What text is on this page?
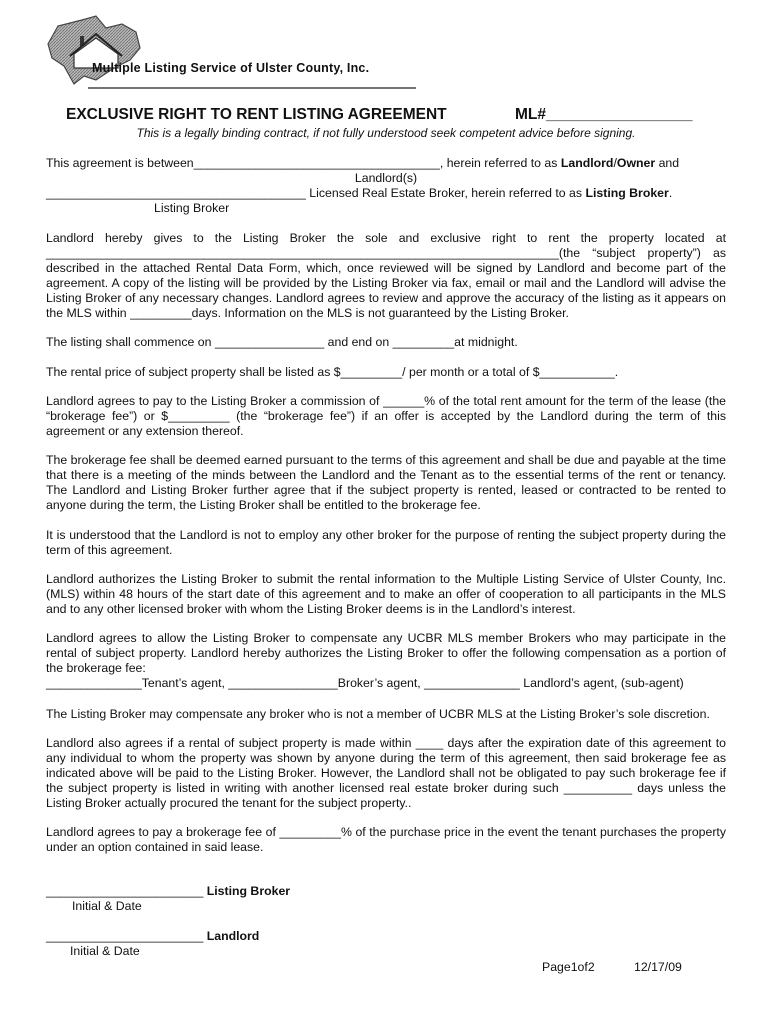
Multiple Listing Service of Ulster County, Inc.
EXCLUSIVE RIGHT TO RENT LISTING AGREEMENT	ML#_________________
This is a legally binding contract, if not fully understood seek competent advice before signing.

This agreement is between____________________________________, herein referred to as Landlord/Owner and

Landlord(s)

______________________________________ Licensed Real Estate Broker, herein referred to as Listing Broker.

Listing Broker

Landlord hereby gives to the Listing Broker the sole and exclusive right to rent the property located at ___________________________________________________________________________(the “subject property”) as described in the attached Rental Data Form, which, once reviewed will be signed by Landlord and become part of the agreement. A copy of the listing will be provided by the Listing Broker via fax, email or mail and the Landlord will advise the Listing Broker of any necessary changes. Landlord agrees to review and approve the accuracy of the listing as it appears on the MLS within _________days. Information on the MLS is not guaranteed by the Listing Broker.
The listing shall commence on ________________ and end on _________at midnight.
The rental price of subject property shall be listed as $_________/ per month or a total of $___________.
Landlord agrees to pay to the Listing Broker a commission of ______% of the total rent amount for the term of the lease (the “brokerage fee”) or $_________ (the “brokerage fee”) if an offer is accepted by the Landlord during the term of this agreement or any extension thereof.
The brokerage fee shall be deemed earned pursuant to the terms of this agreement and shall be due and payable at the time that there is a meeting of the minds between the Landlord and the Tenant as to the essential terms of the rent or tenancy. The Landlord and Listing Broker further agree that if the subject property is rented, leased or contracted to be rented to anyone during the term, the Listing Broker shall be entitled to the brokerage fee.
It is understood that the Landlord is not to employ any other broker for the purpose of renting the subject property during the term of this agreement.
Landlord authorizes the Listing Broker to submit the rental information to the Multiple Listing Service of Ulster County, Inc.(MLS) within 48 hours of the start date of this agreement and to make an offer of cooperation to all participants in the MLS and to any other licensed broker with whom the Listing Broker deems is in the Landlord’s interest.

Landlord agrees to allow the Listing Broker to compensate any UCBR MLS member Brokers who may participate in the rental of subject property. Landlord hereby authorizes the Listing Broker to offer the following compensation as a portion of the brokerage fee:

______________Tenant’s agent, ________________Broker’s agent, ______________ Landlord’s agent, (sub-agent)

The Listing Broker may compensate any broker who is not a member of UCBR MLS at the Listing Broker’s sole discretion.
Landlord also agrees if a rental of subject property is made within ____ days after the expiration date of this agreement to any individual to whom the property was shown by anyone during the term of this agreement, then said brokerage fee as indicated above will be paid to the Listing Broker. However, the Landlord shall not be obligated to pay such brokerage fee if the subject property is listed in writing with another licensed real estate broker during such __________ days unless the Listing Broker actually procured the tenant for the subject property..
Landlord agrees to pay a brokerage fee of _________% of the purchase price in the event the tenant purchases the property under an option contained in said lease.
_______________________ Listing Broker
Initial & Date
_______________________ Landlord
Initial & Date
Page1of2	12/17/09
